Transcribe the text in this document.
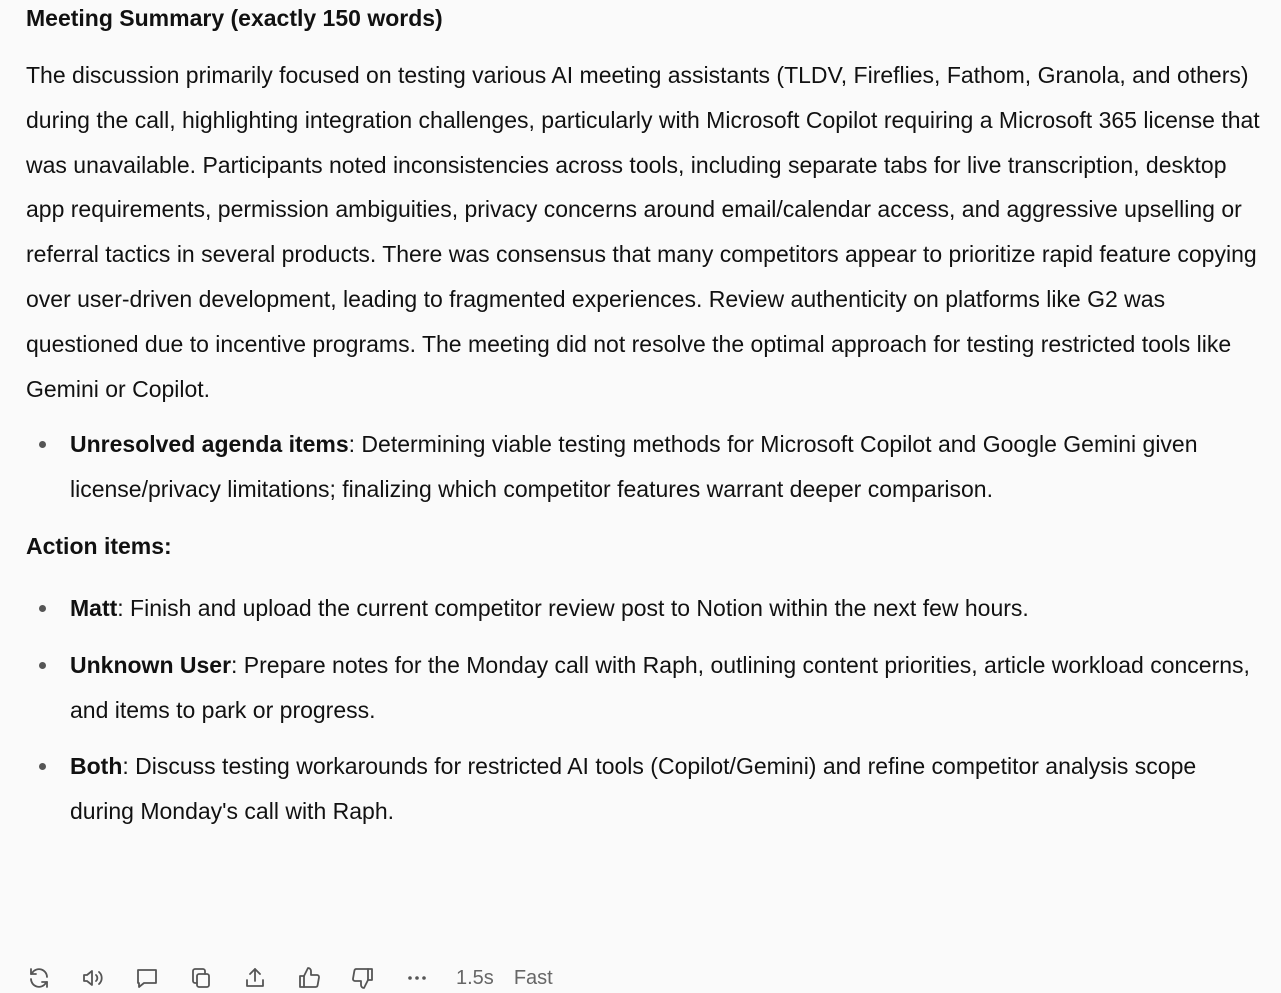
Meeting Summary (exactly 150 words)

The discussion primarily focused on testing various AI meeting assistants (TLDV, Fireflies, Fathom, Granola, and others) during the call, highlighting integration challenges, particularly with Microsoft Copilot requiring a Microsoft 365 license that was unavailable. Participants noted inconsistencies across tools, including separate tabs for live transcription, desktop app requirements, permission ambiguities, privacy concerns around email/calendar access, and aggressive upselling or referral tactics in several products. There was consensus that many competitors appear to prioritize rapid feature copying over user-driven development, leading to fragmented experiences. Review authenticity on platforms like G2 was questioned due to incentive programs. The meeting did not resolve the optimal approach for testing restricted tools like Gemini or Copilot.

Unresolved agenda items: Determining viable testing methods for Microsoft Copilot and Google Gemini given license/privacy limitations; finalizing which competitor features warrant deeper comparison.

Action items:

Matt: Finish and upload the current competitor review post to Notion within the next few hours.
Unknown User: Prepare notes for the Monday call with Raph, outlining content priorities, article workload concerns, and items to park or progress.
Both: Discuss testing workarounds for restricted AI tools (Copilot/Gemini) and refine competitor analysis scope during Monday's call with Raph.
1.5s Fast
